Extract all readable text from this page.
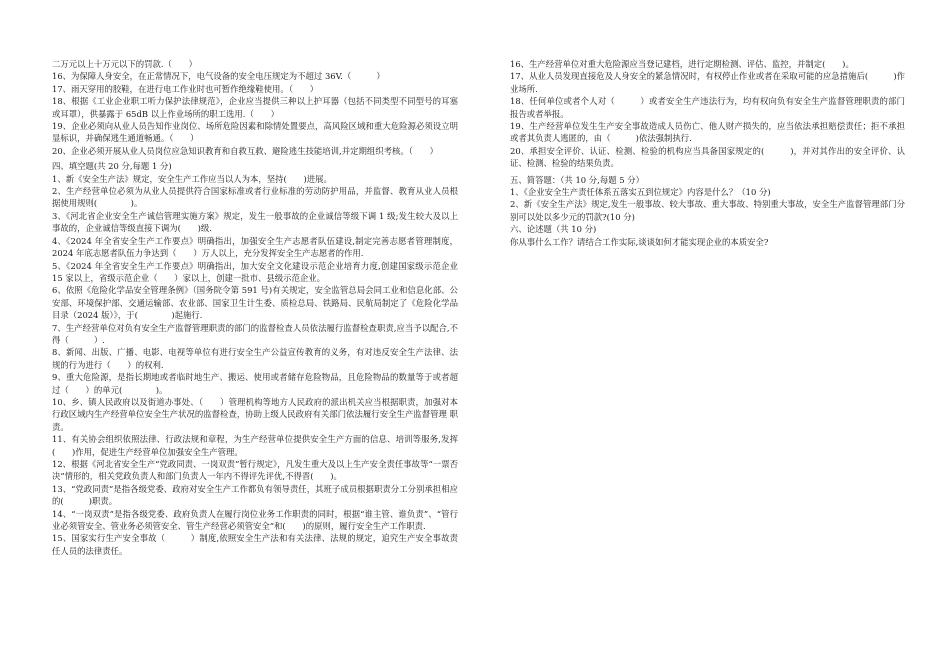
二万元以上十万元以下的罚款.（　　）

16、为保障人身安全，在正常情况下，电气设备的安全电压规定为不超过 36V.（　　　）

17、雨天穿用的胶鞋，在进行电工作业时也可暂作绝缘鞋使用。（　　）

18、根据《工业企业职工听力保护法律规范》，企业应当提供三种以上护耳器（包括不同类型不同型号的耳塞或耳罩），供暴露于 65dB 以上作业场所的职工选用.（　　）

19、企业必须向从业人员告知作业岗位、场所危险因素和除情处置要点，高风险区域和重大危险源必须设立明显标识，并确保逃生通道畅通。（　　）

20、企业必须开展从业人员岗位应急知识教育和自救互救、避险逃生技能培训,并定期组织考核。（　　）

四、填空题(共 20 分,每题 1 分)

1、新《安全生产法》规定，安全生产工作应当以人为本，坚持(　　)进展。

2、生产经营单位必须为从业人员提供符合国家标准或者行业标准的劳动防护用品，并监督、教育从业人员根据使用规则(　　　　)。

3、《河北省企业安全生产诚信管理实施方案》规定，发生一般事故的企业诚信等级下调 1 级;发生较大及以上事故的，企业诚信等级直接下调为(　　)级.

4、《2024 年全省安全生产工作要点》明确指出，加强安全生产志愿者队伍建设,制定完善志愿者管理制度，2024 年底志愿者队伍力争达到（　　）万人以上，充分发挥安全生产志愿者的作用.

5、《2024 年全省安全生产工作要点》明确指出，加大安全文化建设示范企业培育力度,创建国家级示范企业 15 家以上，省级示范企业（　　）家以上，创建一批市、县级示范企业。

6、依照《危险化学品安全管理条例》（国务院令第 591 号)有关规定，安全监管总局会同工业和信息化部、公安部、环境保护部、交通运输部、农业部、国家卫生计生委、质检总局、铁路局、民航局制定了《危险化学品目录（2024 版）》，于(　　　　)起施行.

7、生产经营单位对负有安全生产监督管理职责的部门的监督检查人员依法履行监督检查职责,应当予以配合,不得（　　　）.

8、新闻、出版、广播、电影、电视等单位有进行安全生产公益宣传教育的义务，有对违反安全生产法律、法规的行为进行（　　）的权利.

9、重大危险源，是指长期地或者临时地生产、搬运、使用或者储存危险物品，且危险物品的数量等于或者超过（　　）的单元(　　　　)。

10、乡、镇人民政府以及街道办事处、（　　）管理机构等地方人民政府的派出机关应当根据职责，加强对本行政区域内生产经营单位安全生产状况的监督检查，协助上级人民政府有关部门依法履行安全生产监督管理 职责。

11、有关协会组织依照法律、行政法规和章程，为生产经营单位提供安全生产方面的信息、培训等服务,发挥(　　)作用，促进生产经营单位加强安全生产管理。

12、根据《河北省安全生产“党政同责、一岗双责”暂行规定》，凡发生重大及以上生产安全责任事故等“一票否决”情形的，相关党政负责人和部门负责人一年内不得评先评优,不得晋(　　)。

13、“党政同责”是指各级党委、政府对安全生产工作都负有领导责任，其班子成员根据职责分工分别承担相应的(　　　)职责。

14、“一岗双责”是指各级党委、政府负责人在履行岗位业务工作职责的同时，根据“谁主管、谁负责”、“管行业必须管安全、管业务必须管安全、管生产经营必须管安全”和(　　)的原则，履行安全生产工作职责.

15、国家实行生产安全事故（　　　）制度,依照安全生产法和有关法律、法规的规定，追究生产安全事故责任人员的法律责任。

16、生产经营单位对重大危险源应当登记建档，进行定期检测、评估、监控，并制定(　　)。

17、从业人员发现直接危及人身安全的紧急情况时，有权停止作业或者在采取可能的应急措施后(　　　)作业场所.

18、任何单位或者个人对（　　　）或者安全生产违法行为，均有权向负有安全生产监督管理职责的部门报告或者举报。

19、生产经营单位发生生产安全事故造成人员伤亡、他人财产损失的，应当依法承担赔偿责任；拒不承担或者其负责人逃匿的，由（　　　)依法强制执行.

20、承担安全评价、认证、检测、检验的机构应当具备国家规定的(　　　)，并对其作出的安全评价、认证、检测、检验的结果负责。

五、简答题：（共 10 分,每题 5 分）

1、《企业安全生产责任体系五落实五到位规定》内容是什么？（10 分)

2、新《安全生产法》规定,发生一般事故、较大事故、重大事故、特别重大事故，安全生产监督管理部门分别可以处以多少元的罚款?(10 分)

六、论述题（共 10 分)

你从事什么工作？请结合工作实际,谈谈如何才能实现企业的本质安全?
